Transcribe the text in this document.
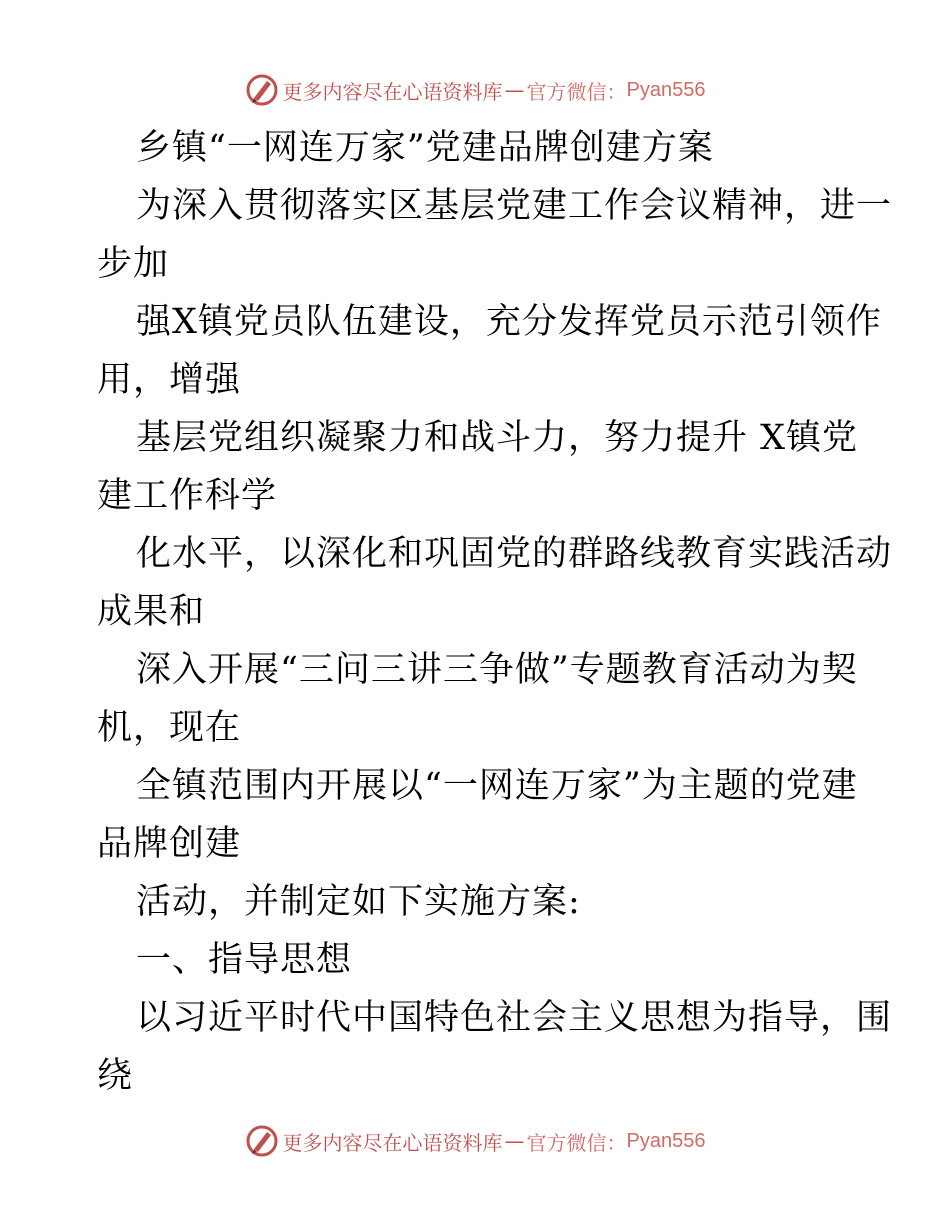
更多内容尽在心语资料库 — 官方微信： Pyan556
乡镇“一网连万家”党建品牌创建方案
为深入贯彻落实区基层党建工作会议精神，进一
步加
强X镇党员队伍建设，充分发挥党员示范引领作
用，增强
基层党组织凝聚力和战斗力，努力提升 X镇党
建工作科学
化水平，以深化和巩固党的群路线教育实践活动
成果和
深入开展“三问三讲三争做”专题教育活动为契
机，现在
全镇范围内开展以“一网连万家”为主题的党建
品牌创建
活动，并制定如下实施方案:
一、指导思想
以习近平时代中国特色社会主义思想为指导，围
绕
更多内容尽在心语资料库 — 官方微信： Pyan556
